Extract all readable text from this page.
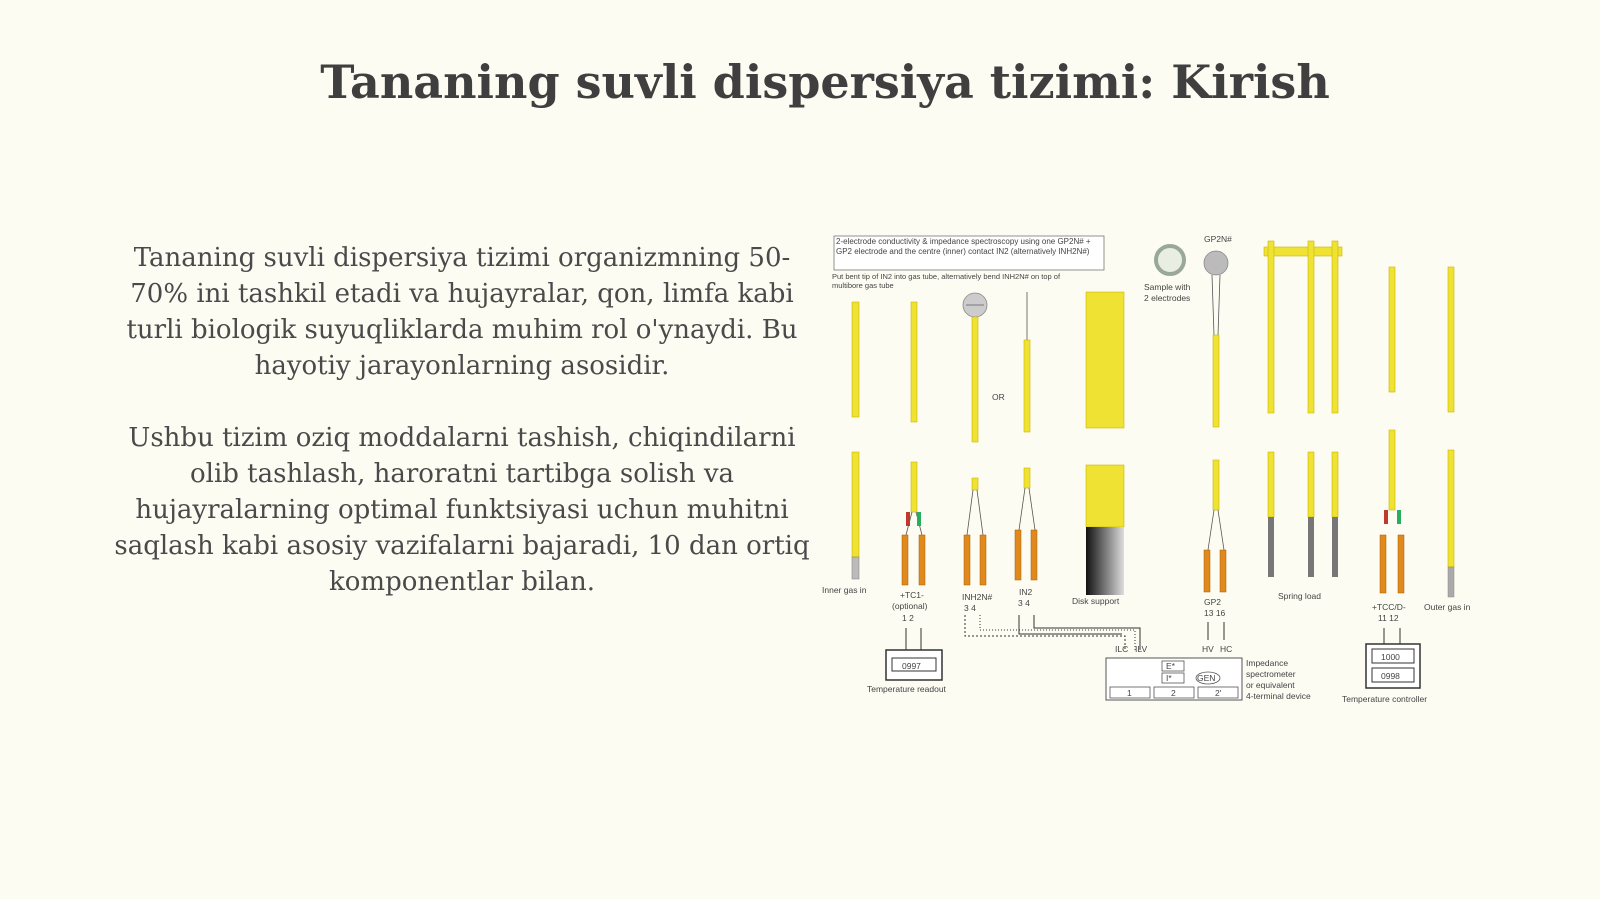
Tananing suvli dispersiya tizimi: Kirish

Tananing suvli dispersiya tizimi organizmning 50-70% ini tashkil etadi va hujayralar, qon, limfa kabi turli biologik suyuqliklarda muhim rol o'ynaydi. Bu hayotiy jarayonlarning asosidir.

Ushbu tizim oziq moddalarni tashish, chiqindilarni olib tashlash, haroratni tartibga solish va hujayralarning optimal funktsiyasi uchun muhitni saqlash kabi asosiy vazifalarni bajaradi, 10 dan ortiq komponentlar bilan.

2-electrode conductivity & impedance spectroscopy using one GP2N# + GP2 electrode and the centre (inner) contact IN2 (alternatively INH2N#)
Put bent tip of IN2 into gas tube, alternatively bend INH2N# on top of multibore gas tube
Inner gas in	+TC1-
(optional)
1 2
INH2N#
3 4
OR
IN2
3 4	Disk support
Sample with
2 electrodes
GP2N#
GP2
13 16
Spring load
+TCC/D-
11 12
Outer gas in
0997
Temperature readout
ILC ILV	HV HC
E*
I*	GEN
1	2	2'
Impedance
spectrometer
or equivalent
4-terminal device
1000
0998
Temperature controller
